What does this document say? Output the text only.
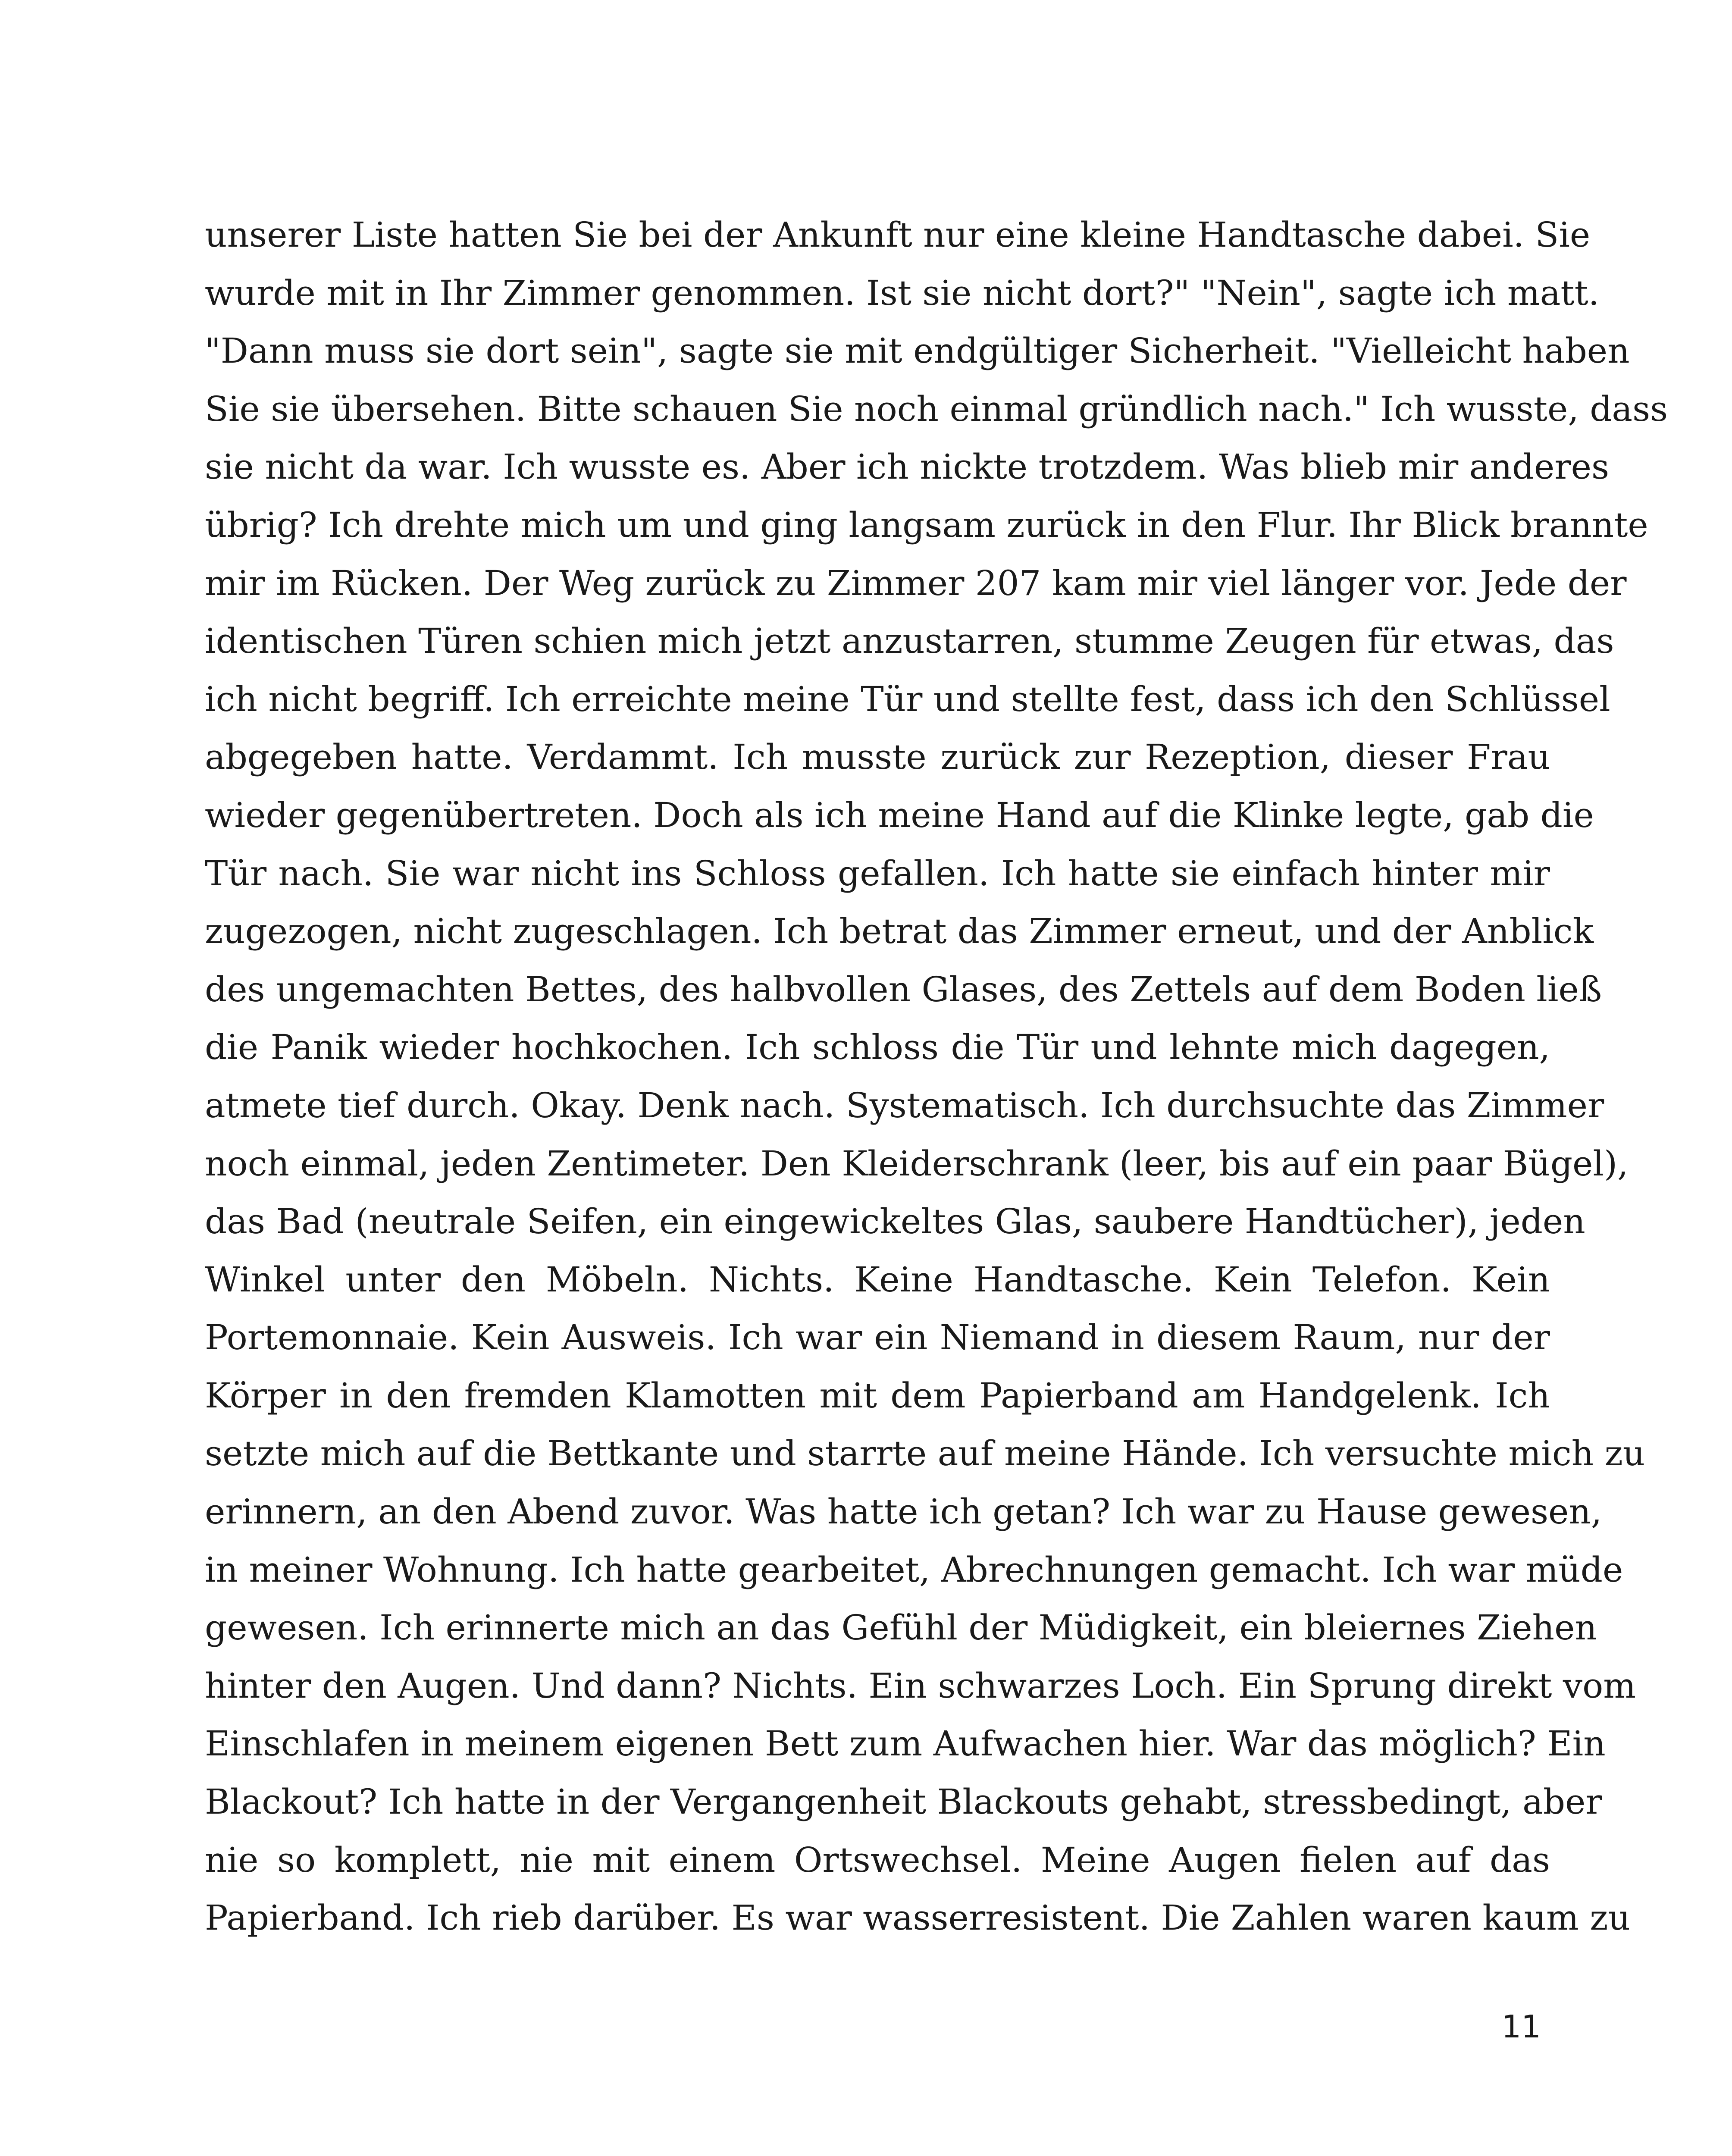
unserer Liste hatten Sie bei der Ankunft nur eine kleine Handtasche dabei. Sie
wurde mit in Ihr Zimmer genommen. Ist sie nicht dort?" "Nein", sagte ich matt.
"Dann muss sie dort sein", sagte sie mit endgültiger Sicherheit. "Vielleicht haben
Sie sie übersehen. Bitte schauen Sie noch einmal gründlich nach." Ich wusste, dass
sie nicht da war. Ich wusste es. Aber ich nickte trotzdem. Was blieb mir anderes
übrig? Ich drehte mich um und ging langsam zurück in den Flur. Ihr Blick brannte
mir im Rücken. Der Weg zurück zu Zimmer 207 kam mir viel länger vor. Jede der
identischen Türen schien mich jetzt anzustarren, stumme Zeugen für etwas, das
ich nicht begriff. Ich erreichte meine Tür und stellte fest, dass ich den Schlüssel
abgegeben hatte. Verdammt. Ich musste zurück zur Rezeption, dieser Frau
wieder gegenübertreten. Doch als ich meine Hand auf die Klinke legte, gab die
Tür nach. Sie war nicht ins Schloss gefallen. Ich hatte sie einfach hinter mir
zugezogen, nicht zugeschlagen. Ich betrat das Zimmer erneut, und der Anblick
des ungemachten Bettes, des halbvollen Glases, des Zettels auf dem Boden ließ
die Panik wieder hochkochen. Ich schloss die Tür und lehnte mich dagegen,
atmete tief durch. Okay. Denk nach. Systematisch. Ich durchsuchte das Zimmer
noch einmal, jeden Zentimeter. Den Kleiderschrank (leer, bis auf ein paar Bügel),
das Bad (neutrale Seifen, ein eingewickeltes Glas, saubere Handtücher), jeden
Winkel unter den Möbeln. Nichts. Keine Handtasche. Kein Telefon. Kein
Portemonnaie. Kein Ausweis. Ich war ein Niemand in diesem Raum, nur der
Körper in den fremden Klamotten mit dem Papierband am Handgelenk. Ich
setzte mich auf die Bettkante und starrte auf meine Hände. Ich versuchte mich zu
erinnern, an den Abend zuvor. Was hatte ich getan? Ich war zu Hause gewesen,
in meiner Wohnung. Ich hatte gearbeitet, Abrechnungen gemacht. Ich war müde
gewesen. Ich erinnerte mich an das Gefühl der Müdigkeit, ein bleiernes Ziehen
hinter den Augen. Und dann? Nichts. Ein schwarzes Loch. Ein Sprung direkt vom
Einschlafen in meinem eigenen Bett zum Aufwachen hier. War das möglich? Ein
Blackout? Ich hatte in der Vergangenheit Blackouts gehabt, stressbedingt, aber
nie so komplett, nie mit einem Ortswechsel. Meine Augen fielen auf das
Papierband. Ich rieb darüber. Es war wasserresistent. Die Zahlen waren kaum zu
11
